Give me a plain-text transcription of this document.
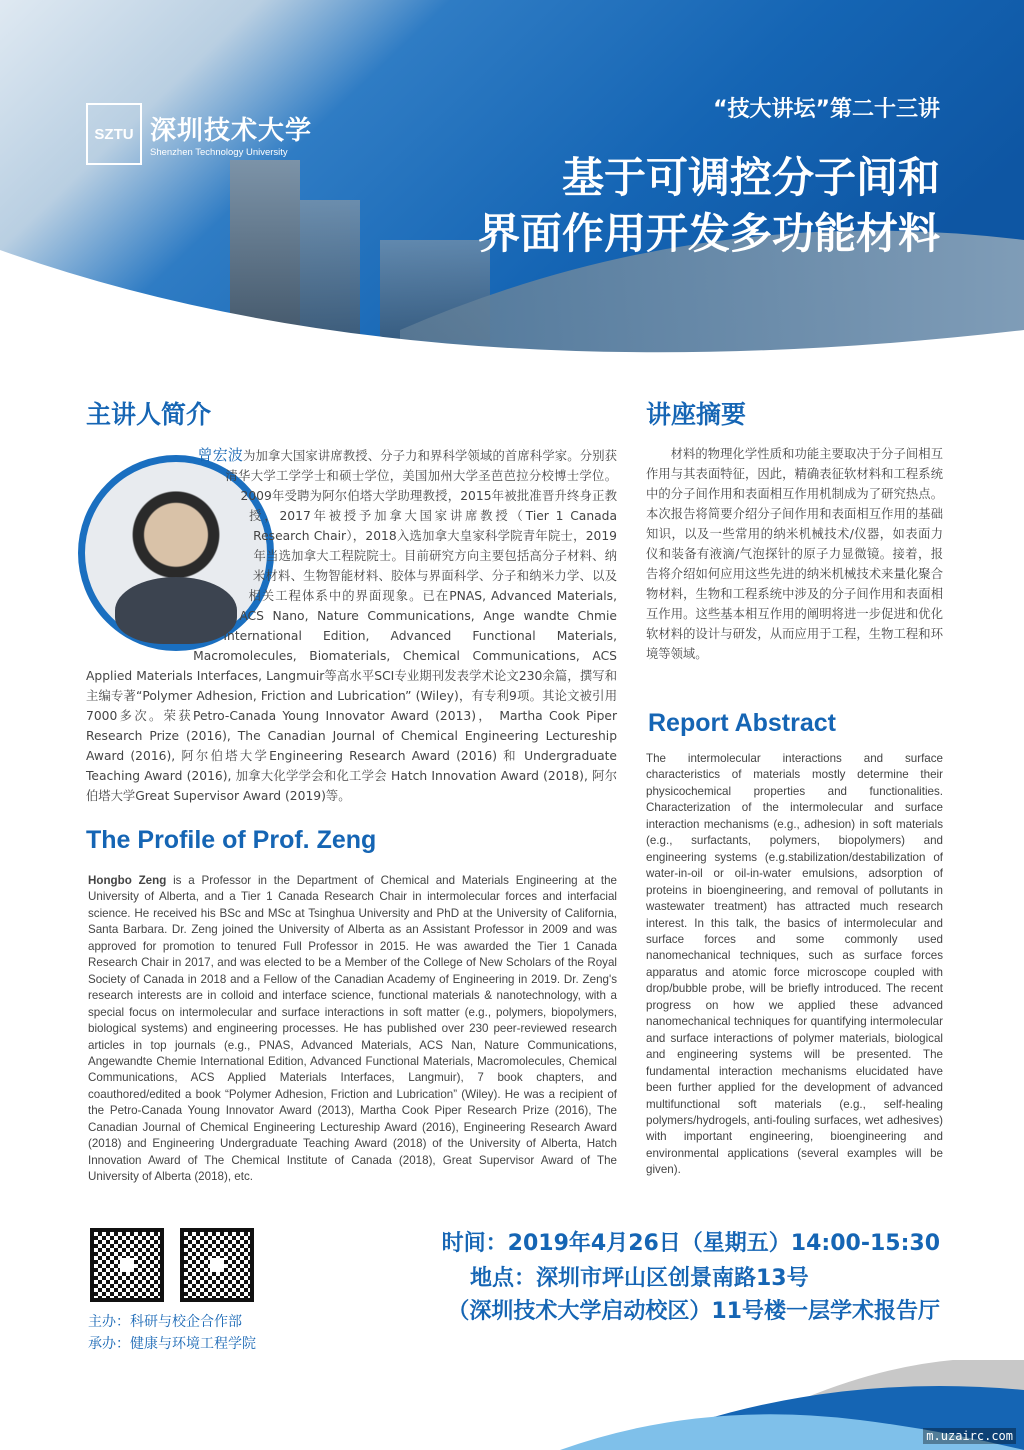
SZTU 深圳技术大学
Shenzhen Technology University
“技大讲坛”第二十三讲
基于可调控分子间和
界面作用开发多功能材料
主讲人简介
曾宏波为加拿大国家讲席教授、分子力和界科学领域的首席科学家。分别获清华大学工学学士和硕士学位，美国加州大学圣芭芭拉分校博士学位。2009年受聘为阿尔伯塔大学助理教授，2015年被批准晋升终身正教授，2017年被授予加拿大国家讲席教授（Tier 1 Canada Research Chair），2018入选加拿大皇家科学院青年院士，2019年当选加拿大工程院院士。目前研究方向主要包括高分子材料、纳米材料、生物智能材料、胶体与界面科学、分子和纳米力学、以及相关工程体系中的界面现象。已在PNAS, Advanced Materials, ACS Nano, Nature Communications, Ange wandte Chmie International Edition, Advanced Functional Materials, Macromolecules, Biomaterials, Chemical Communications, ACS Applied Materials Interfaces, Langmuir等高水平SCI专业期刊发表学术论文230余篇，撰写和主编专著“Polymer Adhesion, Friction and Lubrication” (Wiley)，有专利9项。其论文被引用7000多次。荣获Petro-Canada Young Innovator Award (2013)， Martha Cook Piper Research Prize (2016), The Canadian Journal of Chemical Engineering Lectureship Award (2016), 阿尔伯塔大学Engineering Research Award (2016) 和 Undergraduate Teaching Award (2016), 加拿大化学学会和化工学会 Hatch Innovation Award (2018), 阿尔伯塔大学Great Supervisor Award (2019)等。
The Profile of Prof. Zeng
Hongbo Zeng is a Professor in the Department of Chemical and Materials Engineering at the University of Alberta, and a Tier 1 Canada Research Chair in intermolecular forces and interfacial science. He received his BSc and MSc at Tsinghua University and PhD at the University of California, Santa Barbara. Dr. Zeng joined the University of Alberta as an Assistant Professor in 2009 and was approved for promotion to tenured Full Professor in 2015. He was awarded the Tier 1 Canada Research Chair in 2017, and was elected to be a Member of the College of New Scholars of the Royal Society of Canada in 2018 and a Fellow of the Canadian Academy of Engineering in 2019. Dr. Zeng's research interests are in colloid and interface science, functional materials & nanotechnology, with a special focus on intermolecular and surface interactions in soft matter (e.g., polymers, biopolymers, biological systems) and engineering processes. He has published over 230 peer-reviewed research articles in top journals (e.g., PNAS, Advanced Materials, ACS Nan, Nature Communications, Angewandte Chemie International Edition, Advanced Functional Materials, Macromolecules, Chemical Communications, ACS Applied Materials Interfaces, Langmuir), 7 book chapters, and coauthored/edited a book “Polymer Adhesion, Friction and Lubrication” (Wiley). He was a recipient of the Petro-Canada Young Innovator Award (2013), Martha Cook Piper Research Prize (2016), The Canadian Journal of Chemical Engineering Lectureship Award (2016), Engineering Research Award (2018) and Engineering Undergraduate Teaching Award (2018) of the University of Alberta, Hatch Innovation Award of The Chemical Institute of Canada (2018), Great Supervisor Award of The University of Alberta (2018), etc.
讲座摘要
材料的物理化学性质和功能主要取决于分子间相互作用与其表面特征，因此，精确表征软材料和工程系统中的分子间作用和表面相互作用机制成为了研究热点。本次报告将简要介绍分子间作用和表面相互作用的基础知识，以及一些常用的纳米机械技术/仪器，如表面力仪和装备有液滴/气泡探针的原子力显微镜。接着，报告将介绍如何应用这些先进的纳米机械技术来量化聚合物材料，生物和工程系统中涉及的分子间作用和表面相互作用。这些基本相互作用的阐明将进一步促进和优化软材料的设计与研发，从而应用于工程，生物工程和环境等领域。
Report Abstract
The intermolecular interactions and surface characteristics of materials mostly determine their physicochemical properties and functionalities. Characterization of the intermolecular and surface interaction mechanisms (e.g., adhesion) in soft materials (e.g., surfactants, polymers, biopolymers) and engineering systems (e.g.stabilization/destabilization of water-in-oil or oil-in-water emulsions, adsorption of proteins in bioengineering, and removal of pollutants in wastewater treatment) has attracted much research interest. In this talk, the basics of intermolecular and surface forces and some commonly used nanomechanical techniques, such as surface forces apparatus and atomic force microscope coupled with drop/bubble probe, will be briefly introduced. The recent progress on how we applied these advanced nanomechanical techniques for quantifying intermolecular and surface interactions of polymer materials, biological and engineering systems will be presented. The fundamental interaction mechanisms elucidated have been further applied for the development of advanced multifunctional soft materials (e.g., self-healing polymers/hydrogels, anti-fouling surfaces, wet adhesives) with important engineering, bioengineering and environmental applications (several examples will be given).
主办：科研与校企合作部
承办：健康与环境工程学院
时间：2019年4月26日（星期五）14:00-15:30
地点：深圳市坪山区创景南路13号
（深圳技术大学启动校区）11号楼一层学术报告厅
m.uzairc.com
